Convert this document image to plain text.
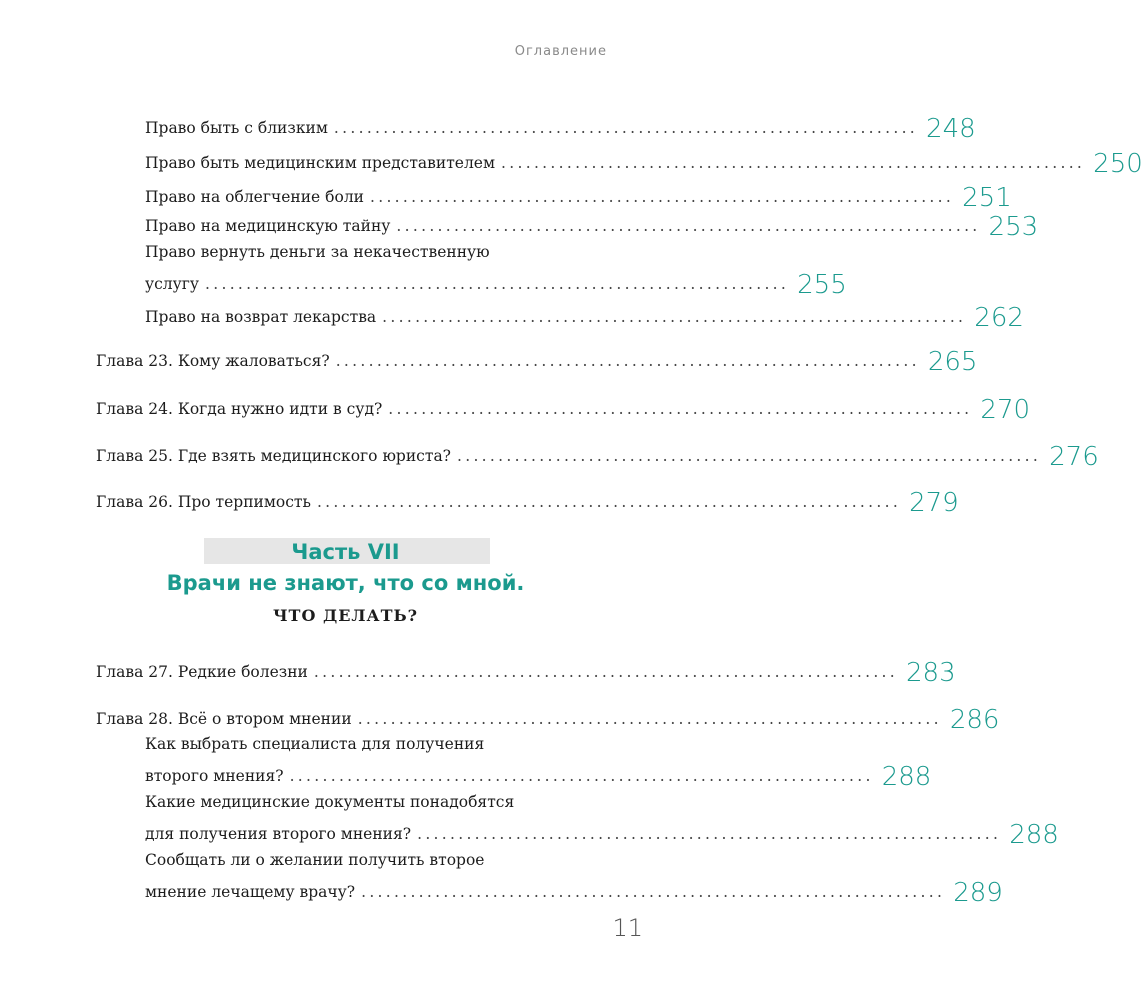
Оглавление
Право быть с близким ....................................................................... 248
Право быть медицинским представителем ....................................................................... 250
Право на облегчение боли ....................................................................... 251
Право на медицинскую тайну ....................................................................... 253
Право вернуть деньги за некачественную
услугу ....................................................................... 255
Право на возврат лекарства ....................................................................... 262
Глава 23. Кому жаловаться? ....................................................................... 265
Глава 24. Когда нужно идти в суд? ....................................................................... 270
Глава 25. Где взять медицинского юриста? ....................................................................... 276
Глава 26. Про терпимость ....................................................................... 279
Часть VII
Врачи не знают, что со мной.
ЧТО ДЕЛАТЬ?
Глава 27. Редкие болезни ....................................................................... 283
Глава 28. Всё о втором мнении ....................................................................... 286
Как выбрать специалиста для получения
второго мнения? ....................................................................... 288
Какие медицинские документы понадобятся
для получения второго мнения? ....................................................................... 288
Сообщать ли о желании получить второе
мнение лечащему врачу? ....................................................................... 289
11
